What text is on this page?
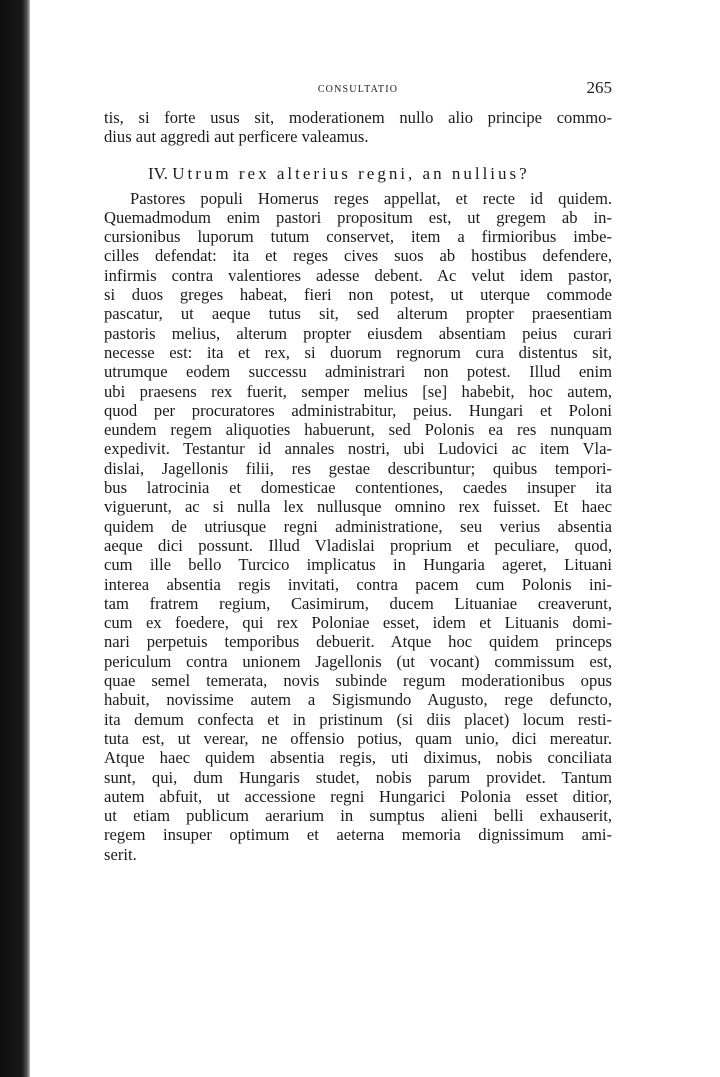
CONSULTATIO	265

tis, si forte usus sit, moderationem nullo alio principe commo-

dius aut aggredi aut perficere valeamus.

IV. Utrum rex alterius regni, an nullius?

Pastores populi Homerus reges appellat, et recte id quidem.

Quemadmodum enim pastori propositum est, ut gregem ab in-

cursionibus luporum tutum conservet, item a firmioribus imbe-

cilles defendat: ita et reges cives suos ab hostibus defendere,

infirmis contra valentiores adesse debent. Ac velut idem pastor,

si duos greges habeat, fieri non potest, ut uterque commode

pascatur, ut aeque tutus sit, sed alterum propter praesentiam

pastoris melius, alterum propter eiusdem absentiam peius curari

necesse est: ita et rex, si duorum regnorum cura distentus sit,

utrumque eodem successu administrari non potest. Illud enim

ubi praesens rex fuerit, semper melius [se] habebit, hoc autem,

quod per procuratores administrabitur, peius. Hungari et Poloni

eundem regem aliquoties habuerunt, sed Polonis ea res nunquam

expedivit. Testantur id annales nostri, ubi Ludovici ac item Vla-

dislai, Jagellonis filii, res gestae describuntur; quibus tempori-

bus latrocinia et domesticae contentiones, caedes insuper ita

viguerunt, ac si nulla lex nullusque omnino rex fuisset. Et haec

quidem de utriusque regni administratione, seu verius absentia

aeque dici possunt. Illud Vladislai proprium et peculiare, quod,

cum ille bello Turcico implicatus in Hungaria ageret, Lituani

interea absentia regis invitati, contra pacem cum Polonis ini-

tam fratrem regium, Casimirum, ducem Lituaniae creaverunt,

cum ex foedere, qui rex Poloniae esset, idem et Lituanis domi-

nari perpetuis temporibus debuerit. Atque hoc quidem princeps

periculum contra unionem Jagellonis (ut vocant) commissum est,

quae semel temerata, novis subinde regum moderationibus opus

habuit, novissime autem a Sigismundo Augusto, rege defuncto,

ita demum confecta et in pristinum (si diis placet) locum resti-

tuta est, ut verear, ne offensio potius, quam unio, dici mereatur.

Atque haec quidem absentia regis, uti diximus, nobis conciliata

sunt, qui, dum Hungaris studet, nobis parum providet. Tantum

autem abfuit, ut accessione regni Hungarici Polonia esset ditior,

ut etiam publicum aerarium in sumptus alieni belli exhauserit,

regem insuper optimum et aeterna memoria dignissimum ami-

serit.
